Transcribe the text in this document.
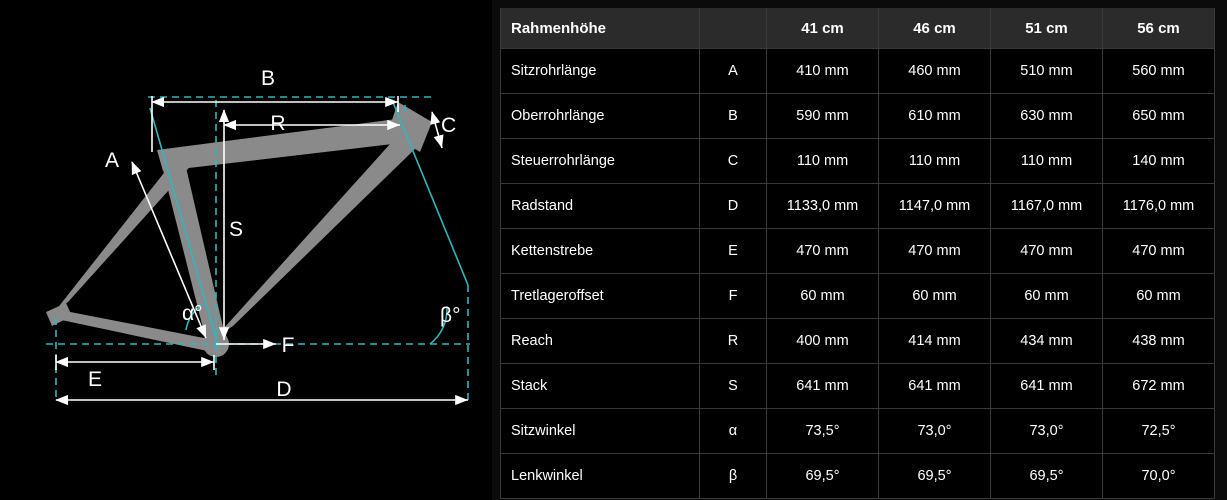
B
R
A
C
S
E
F
D
α°	β°
Rahmenhöhe		41 cm	46 cm	51 cm	56 cm
Sitzrohrlänge	A	410 mm	460 mm	510 mm	560 mm
Oberrohrlänge	B	590 mm	610 mm	630 mm	650 mm
Steuerrohrlänge	C	110 mm	110 mm	110 mm	140 mm
Radstand	D	1133,0 mm	1147,0 mm	1167,0 mm	1176,0 mm
Kettenstrebe	E	470 mm	470 mm	470 mm	470 mm
Tretlageroffset	F	60 mm	60 mm	60 mm	60 mm
Reach	R	400 mm	414 mm	434 mm	438 mm
Stack	S	641 mm	641 mm	641 mm	672 mm
Sitzwinkel	α	73,5°	73,0°	73,0°	72,5°
Lenkwinkel	β	69,5°	69,5°	69,5°	70,0°
